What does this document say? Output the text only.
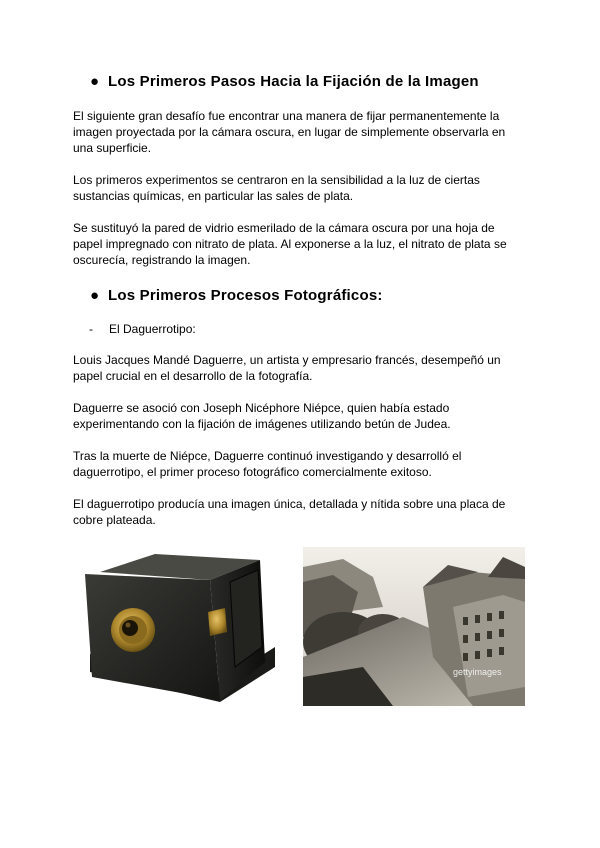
● Los Primeros Pasos Hacia la Fijación de la Imagen
El siguiente gran desafío fue encontrar una manera de fijar permanentemente la imagen proyectada por la cámara oscura, en lugar de simplemente observarla en una superficie.
Los primeros experimentos se centraron en la sensibilidad a la luz de ciertas sustancias químicas, en particular las sales de plata.
Se sustituyó la pared de vidrio esmerilado de la cámara oscura por una hoja de papel impregnado con nitrato de plata. Al exponerse a la luz, el nitrato de plata se oscurecía, registrando la imagen.
● Los Primeros Procesos Fotográficos:
- El Daguerrotipo:
Louis Jacques Mandé Daguerre, un artista y empresario francés, desempeñó un papel crucial en el desarrollo de la fotografía.
Daguerre se asoció con Joseph Nicéphore Niépce, quien había estado experimentando con la fijación de imágenes utilizando betún de Judea.
Tras la muerte de Niépce, Daguerre continuó investigando y desarrolló el daguerrotipo, el primer proceso fotográfico comercialmente exitoso.
El daguerrotipo producía una imagen única, detallada y nítida sobre una placa de cobre plateada.
gettyimages
